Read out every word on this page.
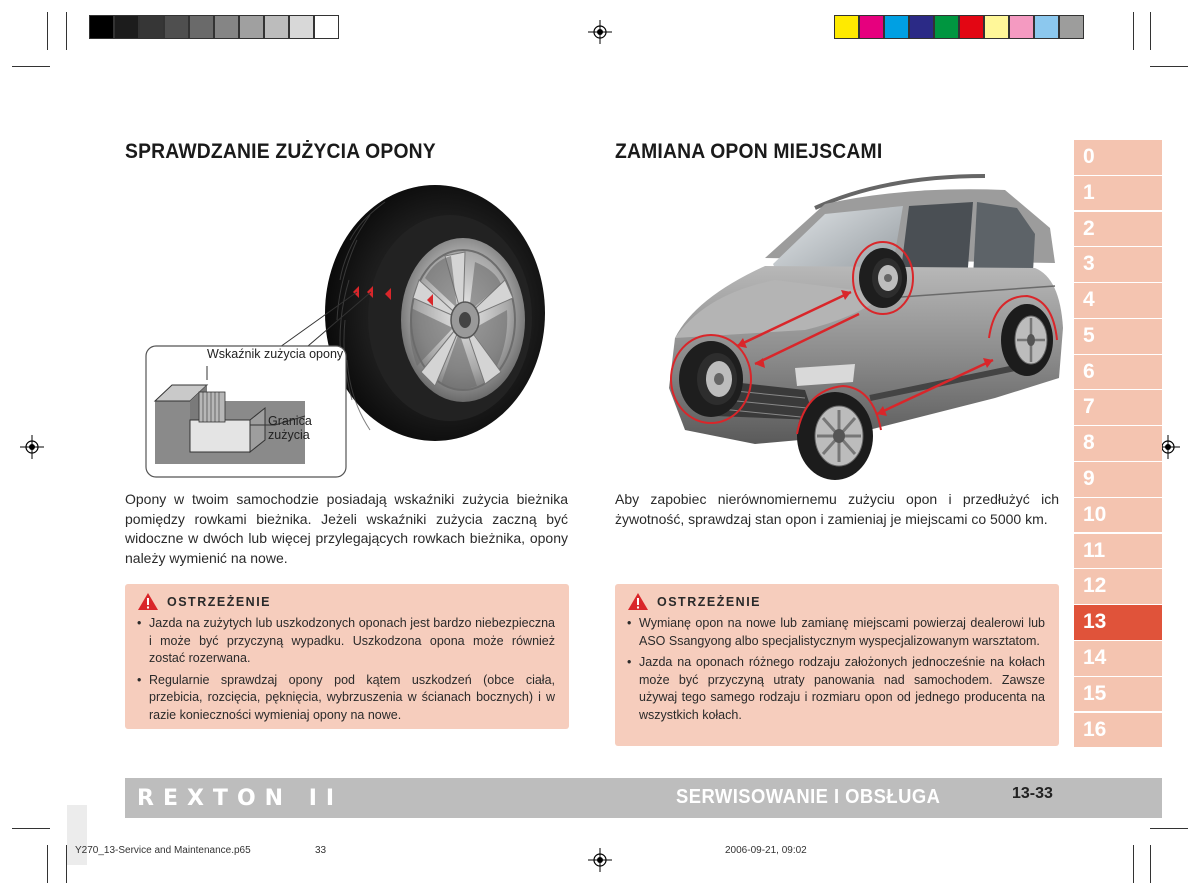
SPRAWDZANIE ZUŻYCIA OPONY
Wskaźnik zużycia opony
Granica zużycia
Opony w twoim samochodzie posiadają wskaźniki zużycia bieżnika pomiędzy rowkami bieżnika. Jeżeli wskaźniki zużycia zaczną być widoczne w dwóch lub więcej przylegających rowkach bieżnika, opony należy wymienić na nowe.
OSTRZEŻENIE
• Jazda na zużytych lub uszkodzonych oponach jest bardzo niebezpieczna i może być przyczyną wypadku. Uszkodzona opona może również zostać rozerwana.
• Regularnie sprawdzaj opony pod kątem uszkodzeń (obce ciała, przebicia, rozcięcia, pęknięcia, wybrzuszenia w ścianach bocznych) i w razie konieczności wymieniaj opony na nowe.
ZAMIANA OPON MIEJSCAMI
Aby zapobiec nierównomiernemu zużyciu opon i przedłużyć ich żywotność, sprawdzaj stan opon i zamieniaj je miejscami co 5000 km.
OSTRZEŻENIE
• Wymianę opon na nowe lub zamianę miejscami powierzaj dealerowi lub ASO Ssangyong albo specjalistycznym wyspecjalizowanym warsztatom.
• Jazda na oponach różnego rodzaju założonych jednocześnie na kołach może być przyczyną utraty panowania nad samochodem. Zawsze używaj tego samego rodzaju i rozmiaru opon od jednego producenta na wszystkich kołach.
0
1
2
3
4
5
6
7
8
9
10
11
12
13
14
15
16
REXTON II	SERWISOWANIE I OBSŁUGA	13-33
Y270_13-Service and Maintenance.p65	33	2006-09-21, 09:02
